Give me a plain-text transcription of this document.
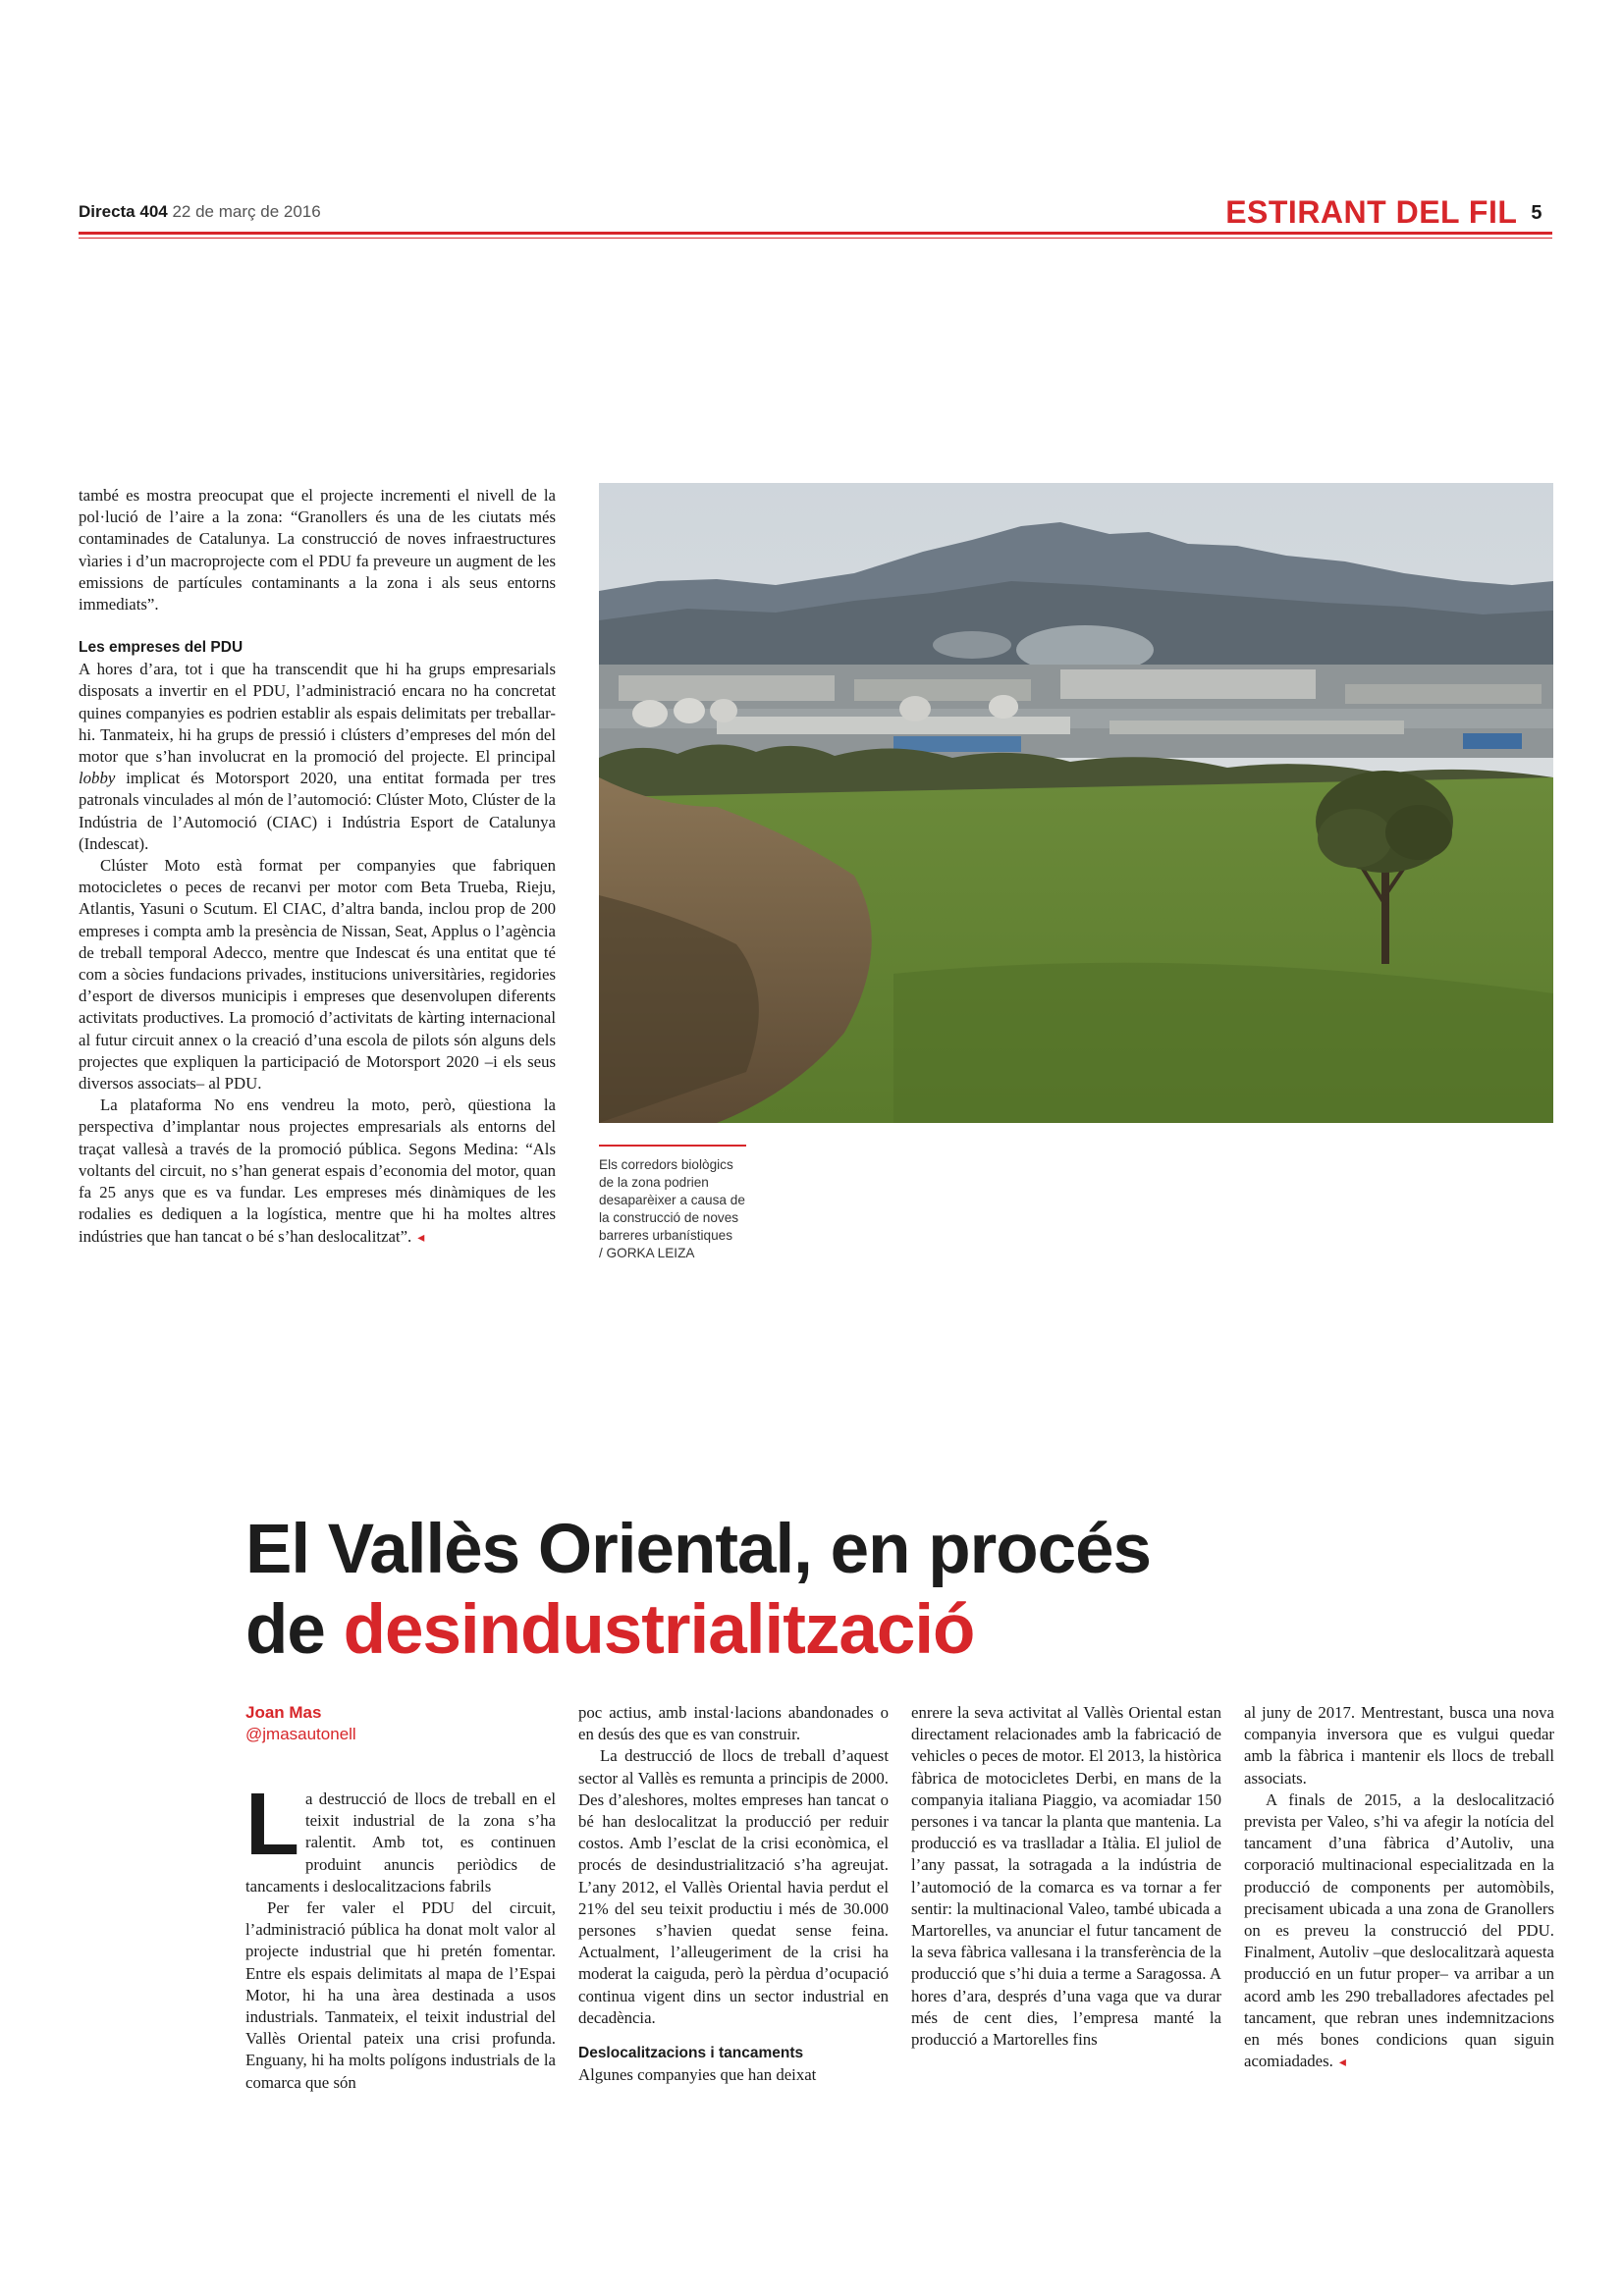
Directa 404 22 de març de 2016	ESTIRANT DEL FIL 5

també es mostra preocupat que el projecte incrementi el nivell de la pol·lució de l’aire a la zona: “Granollers és una de les ciutats més contaminades de Catalunya. La construcció de noves infraestructures vìaries i d’un macroprojecte com el PDU fa preveure un augment de les emissions de partícules contaminants a la zona i als seus entorns immediats”.

Les empreses del PDU

A hores d’ara, tot i que ha transcendit que hi ha grups empresarials disposats a invertir en el PDU, l’administració encara no ha concretat quines companyies es podrien establir als espais delimitats per treballar-hi. Tanmateix, hi ha grups de pressió i clústers d’empreses del món del motor que s’han involucrat en la promoció del projecte. El principal lobby implicat és Motorsport 2020, una entitat formada per tres patronals vinculades al món de l’automoció: Clúster Moto, Clúster de la Indústria de l’Automoció (CIAC) i Indústria Esport de Catalunya (Indescat).

Clúster Moto està format per companyies que fabriquen motocicletes o peces de recanvi per motor com Beta Trueba, Rieju, Atlantis, Yasuni o Scutum. El CIAC, d’altra banda, inclou prop de 200 empreses i compta amb la presència de Nissan, Seat, Applus o l’agència de treball temporal Adecco, mentre que Indescat és una entitat que té com a sòcies fundacions privades, institucions universitàries, regidories d’esport de diversos municipis i empreses que desenvolupen diferents activitats productives. La promoció d’activitats de kàrting internacional al futur circuit annex o la creació d’una escola de pilots són alguns dels projectes que expliquen la participació de Motorsport 2020 –i els seus diversos associats– al PDU.

La plataforma No ens vendreu la moto, però, qüestiona la perspectiva d’implantar nous projectes empresarials als entorns del traçat vallesà a través de la promoció pública. Segons Medina: “Als voltants del circuit, no s’han generat espais d’economia del motor, quan fa 25 anys que es va fundar. Les empreses més dinàmiques de les rodalies es dediquen a la logística, mentre que hi ha moltes altres indústries que han tancat o bé s’han deslocalitzat”. ◂

Els corredors biològics de la zona podrien desaparèixer a causa de la construcció de noves barreres urbanístiques
/ GORKA LEIZA
El Vallès Oriental, en procés
de desindustrialització
Joan Mas
@jmasautonell

La destrucció de llocs de treball en el teixit industrial de la zona s’ha ralentit. Amb tot, es continuen produint anuncis periòdics de tancaments i deslocalitzacions fabrils

Per fer valer el PDU del circuit, l’administració pública ha donat molt valor al projecte industrial que hi pretén fomentar. Entre els espais delimitats al mapa de l’Espai Motor, hi ha una àrea destinada a usos industrials. Tanmateix, el teixit industrial del Vallès Oriental pateix una crisi profunda. Enguany, hi ha molts polígons industrials de la comarca que són

poc actius, amb instal·lacions abandonades o en desús des que es van construir.

La destrucció de llocs de treball d’aquest sector al Vallès es remunta a principis de 2000. Des d’aleshores, moltes empreses han tancat o bé han deslocalitzat la producció per reduir costos. Amb l’esclat de la crisi econòmica, el procés de desindustrialització s’ha agreujat. L’any 2012, el Vallès Oriental havia perdut el 21% del seu teixit productiu i més de 30.000 persones s’havien quedat sense feina. Actualment, l’alleugeriment de la crisi ha moderat la caiguda, però la pèrdua d’ocupació continua vigent dins un sector industrial en decadència.

Deslocalitzacions i tancaments

Algunes companyies que han deixat

enrere la seva activitat al Vallès Oriental estan directament relacionades amb la fabricació de vehicles o peces de motor. El 2013, la històrica fàbrica de motocicletes Derbi, en mans de la companyia italiana Piaggio, va acomiadar 150 persones i va tancar la planta que mantenia. La producció es va traslladar a Itàlia. El juliol de l’any passat, la sotragada a la indústria de l’automoció de la comarca es va tornar a fer sentir: la multinacional Valeo, també ubicada a Martorelles, va anunciar el futur tancament de la seva fàbrica vallesana i la transferència de la producció que s’hi duia a terme a Saragossa. A hores d’ara, després d’una vaga que va durar més de cent dies, l’empresa manté la producció a Martorelles fins

al juny de 2017. Mentrestant, busca una nova companyia inversora que es vulgui quedar amb la fàbrica i mantenir els llocs de treball associats.

A finals de 2015, a la deslocalització prevista per Valeo, s’hi va afegir la notícia del tancament d’una fàbrica d’Autoliv, una corporació multinacional especialitzada en la producció de components per automòbils, precisament ubicada a una zona de Granollers on es preveu la construcció del PDU. Finalment, Autoliv –que deslocalitzarà aquesta producció en un futur proper– va arribar a un acord amb les 290 treballadores afectades pel tancament, que rebran unes indemnitzacions en més bones condicions quan siguin acomiadades. ◂
